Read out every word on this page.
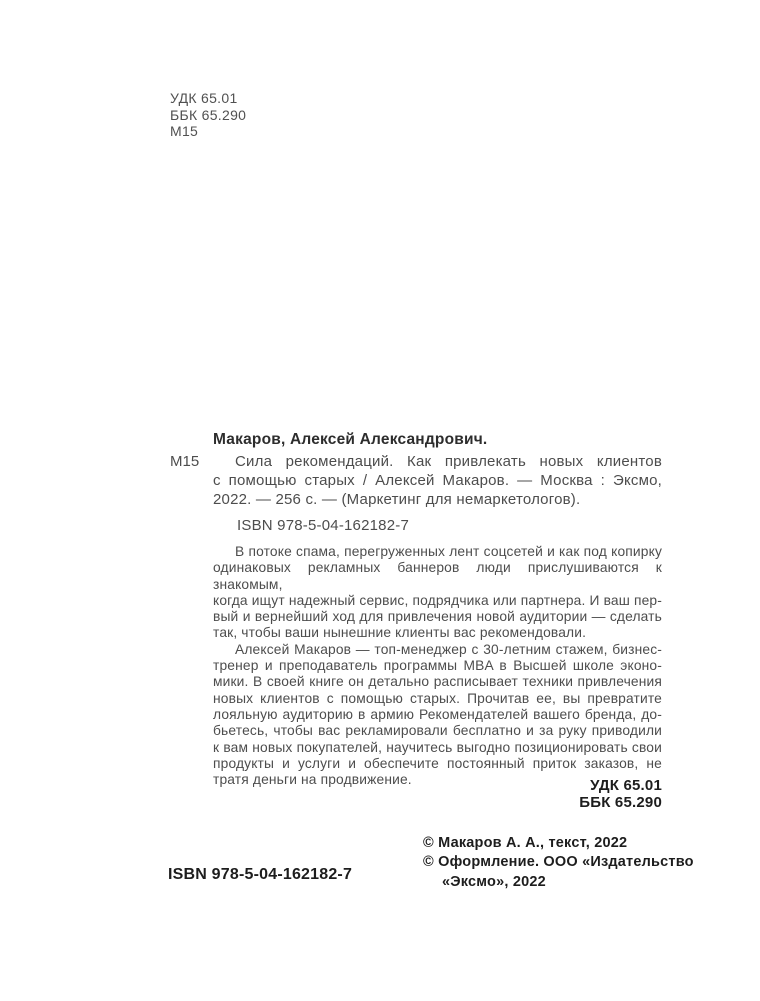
УДК 65.01
ББК 65.290
М15
Макаров, Алексей Александрович.
М15	Сила рекомендаций. Как привлекать новых клиентов
с помощью старых / Алексей Макаров. — Москва : Эксмо,
2022. — 256 с. — (Маркетинг для немаркетологов).
ISBN 978-5-04-162182-7
В потоке спама, перегруженных лент соцсетей и как под копирку
одинаковых рекламных баннеров люди прислушиваются к знакомым,
когда ищут надежный сервис, подрядчика или партнера. И ваш пер-
вый и вернейший ход для привлечения новой аудитории — сделать
так, чтобы ваши нынешние клиенты вас рекомендовали.
Алексей Макаров — топ-менеджер с 30-летним стажем, бизнес-
тренер и преподаватель программы MBA в Высшей школе эконо-
мики. В своей книге он детально расписывает техники привлечения
новых клиентов с помощью старых. Прочитав ее, вы превратите
лояльную аудиторию в армию Рекомендателей вашего бренда, до-
бьетесь, чтобы вас рекламировали бесплатно и за руку приводили
к вам новых покупателей, научитесь выгодно позиционировать свои
продукты и услуги и обеспечите постоянный приток заказов, не
тратя деньги на продвижение.	УДК 65.01
ББК 65.290
© Макаров А. А., текст, 2022
© Оформление. ООО «Издательство
«Эксмо», 2022
ISBN 978-5-04-162182-7
